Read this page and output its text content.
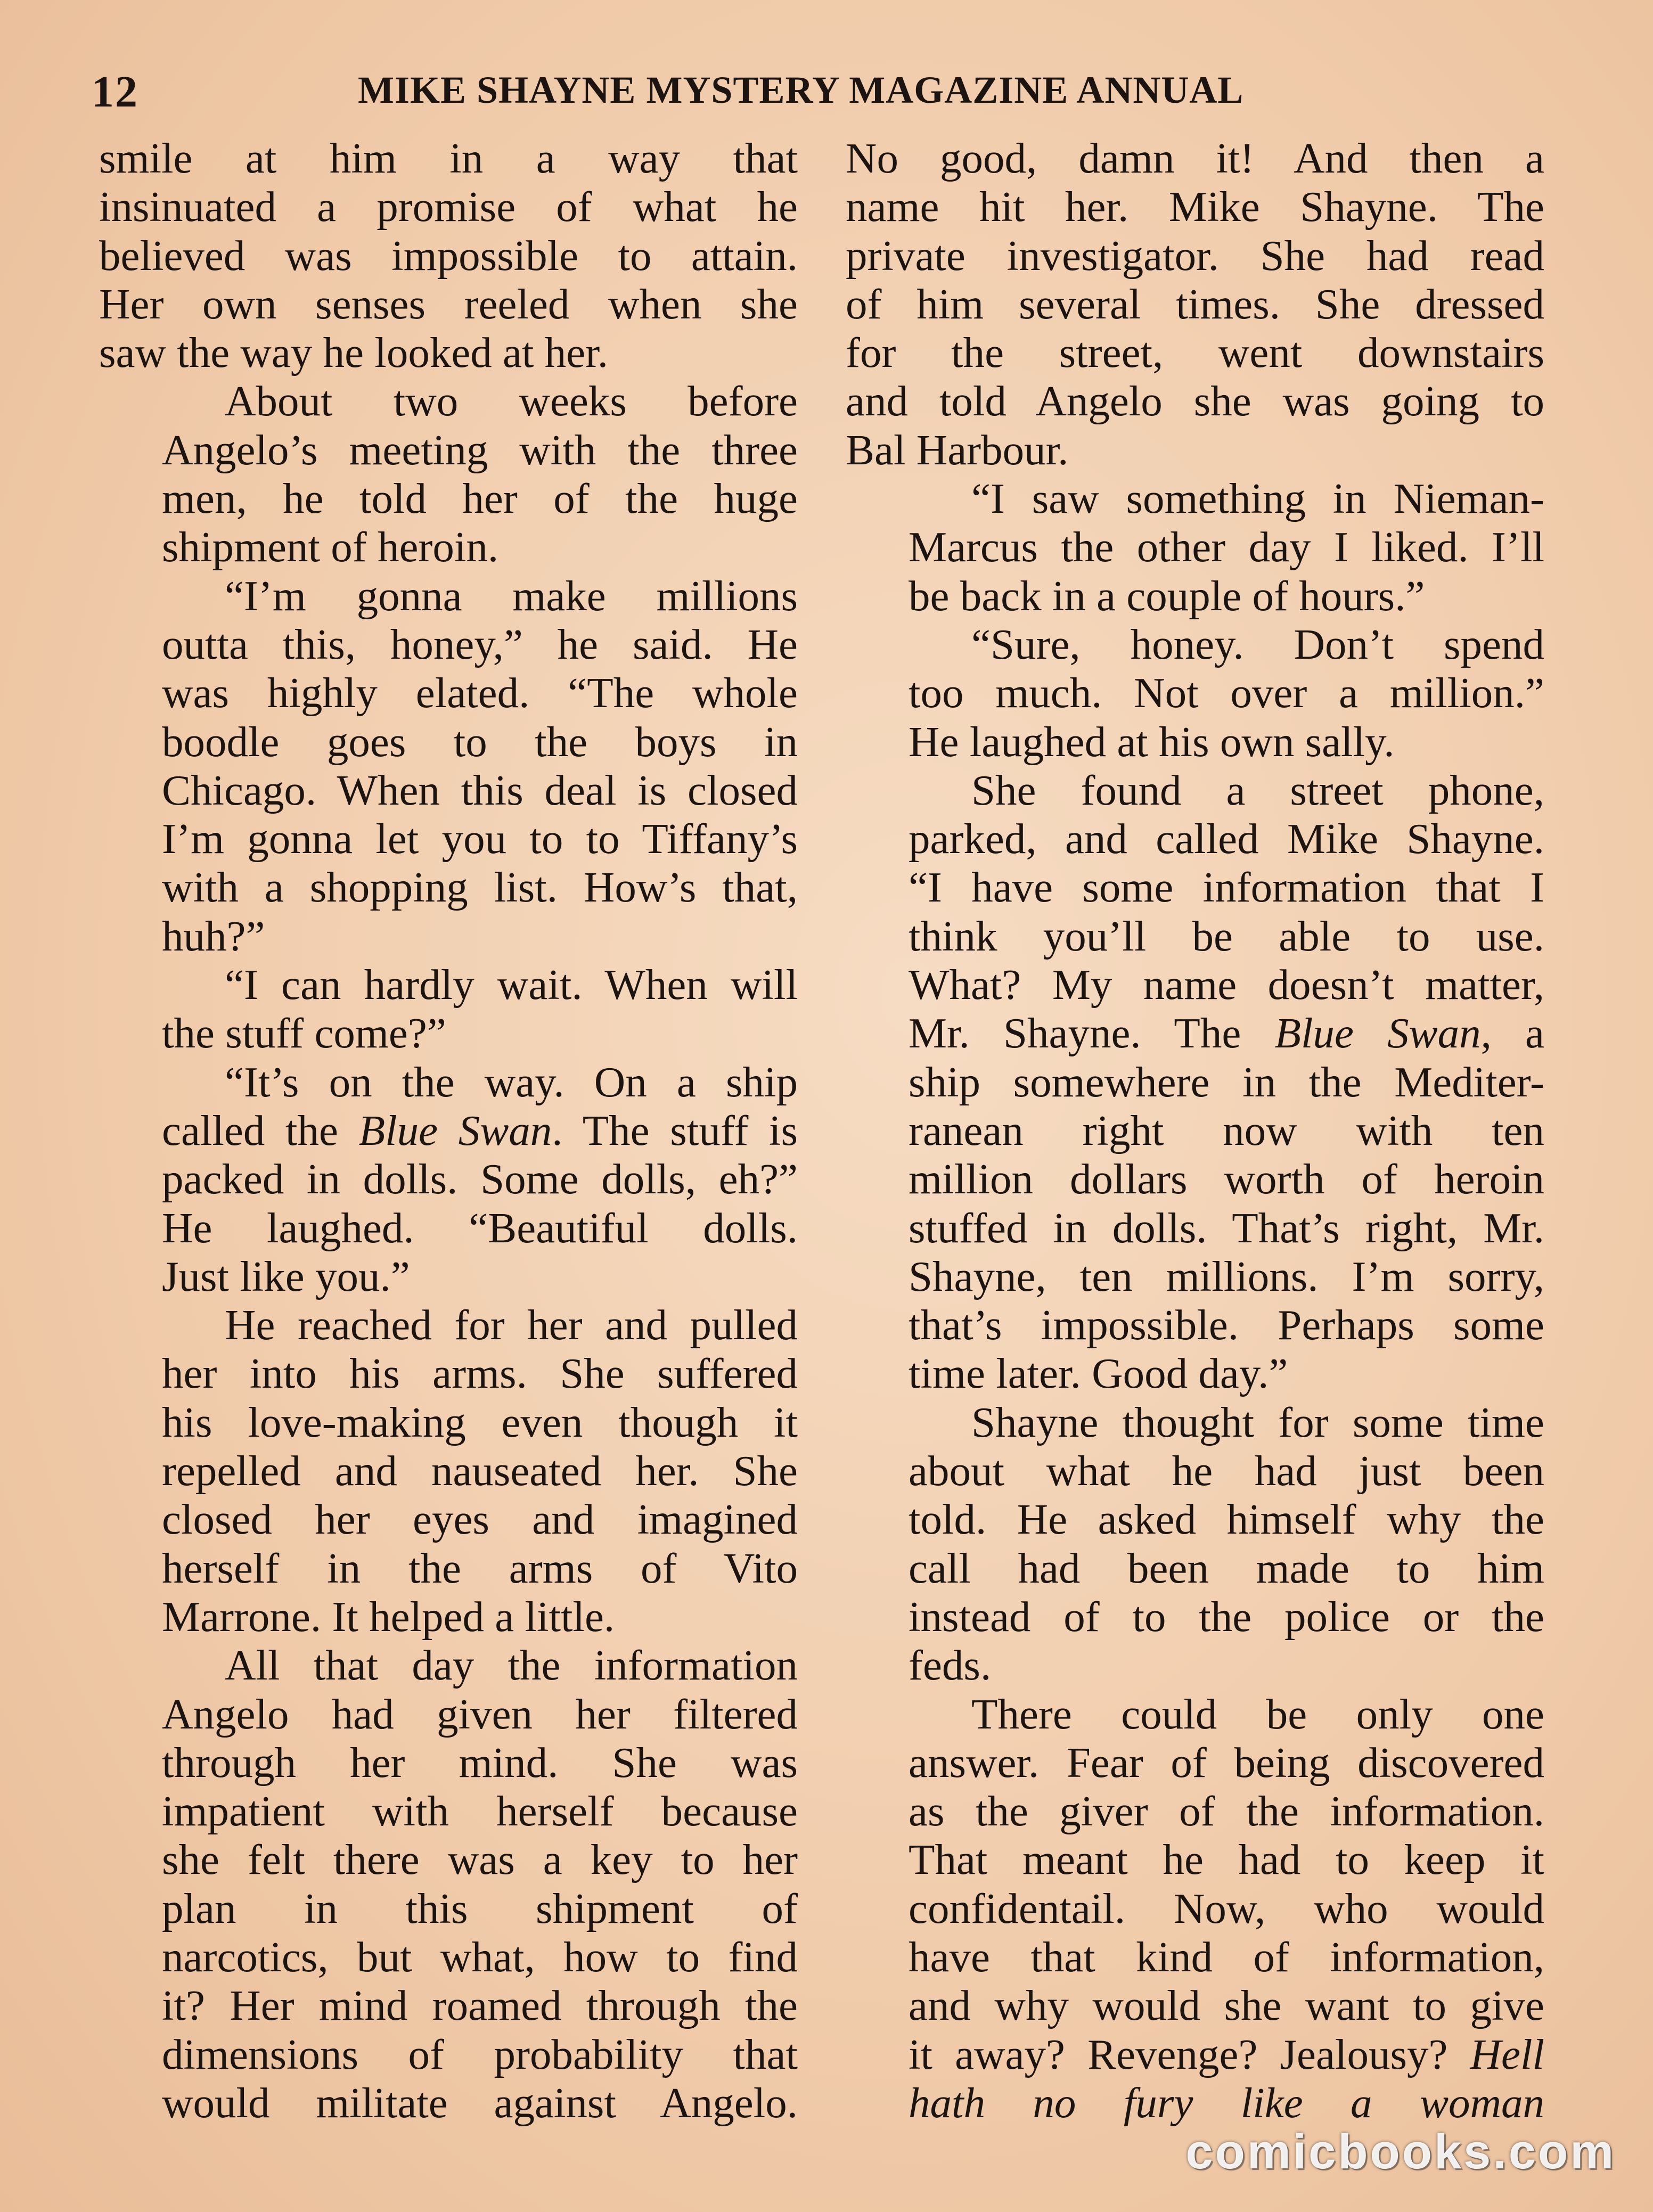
12	MIKE SHAYNE MYSTERY MAGAZINE ANNUAL
smile at him in a way that
insinuated a promise of what he
believed was impossible to attain.
Her own senses reeled when she
saw the way he looked at her.
About two weeks before
Angelo’s meeting with the three
men, he told her of the huge
shipment of heroin.
“I’m gonna make millions
outta this, honey,” he said. He
was highly elated. “The whole
boodle goes to the boys in
Chicago. When this deal is closed
I’m gonna let you to to Tiffany’s
with a shopping list. How’s that,
huh?”
“I can hardly wait. When will
the stuff come?”
“It’s on the way. On a ship
called the Blue Swan. The stuff is
packed in dolls. Some dolls, eh?”
He laughed. “Beautiful dolls.
Just like you.”
He reached for her and pulled
her into his arms. She suffered
his love-making even though it
repelled and nauseated her. She
closed her eyes and imagined
herself in the arms of Vito
Marrone. It helped a little.
All that day the information
Angelo had given her filtered
through her mind. She was
impatient with herself because
she felt there was a key to her
plan in this shipment of
narcotics, but what, how to find
it? Her mind roamed through the
dimensions of probability that
would militate against Angelo.
No good, damn it! And then a
name hit her. Mike Shayne. The
private investigator. She had read
of him several times. She dressed
for the street, went downstairs
and told Angelo she was going to
Bal Harbour.
“I saw something in Nieman-
Marcus the other day I liked. I’ll
be back in a couple of hours.”
“Sure, honey. Don’t spend
too much. Not over a million.”
He laughed at his own sally.
She found a street phone,
parked, and called Mike Shayne.
“I have some information that I
think you’ll be able to use.
What? My name doesn’t matter,
Mr. Shayne. The Blue Swan, a
ship somewhere in the Mediter-
ranean right now with ten
million dollars worth of heroin
stuffed in dolls. That’s right, Mr.
Shayne, ten millions. I’m sorry,
that’s impossible. Perhaps some
time later. Good day.”
Shayne thought for some time
about what he had just been
told. He asked himself why the
call had been made to him
instead of to the police or the
feds.
There could be only one
answer. Fear of being discovered
as the giver of the information.
That meant he had to keep it
confidentail. Now, who would
have that kind of information,
and why would she want to give
it away? Revenge? Jealousy? Hell
hath no fury like a woman
comicbooks.com
